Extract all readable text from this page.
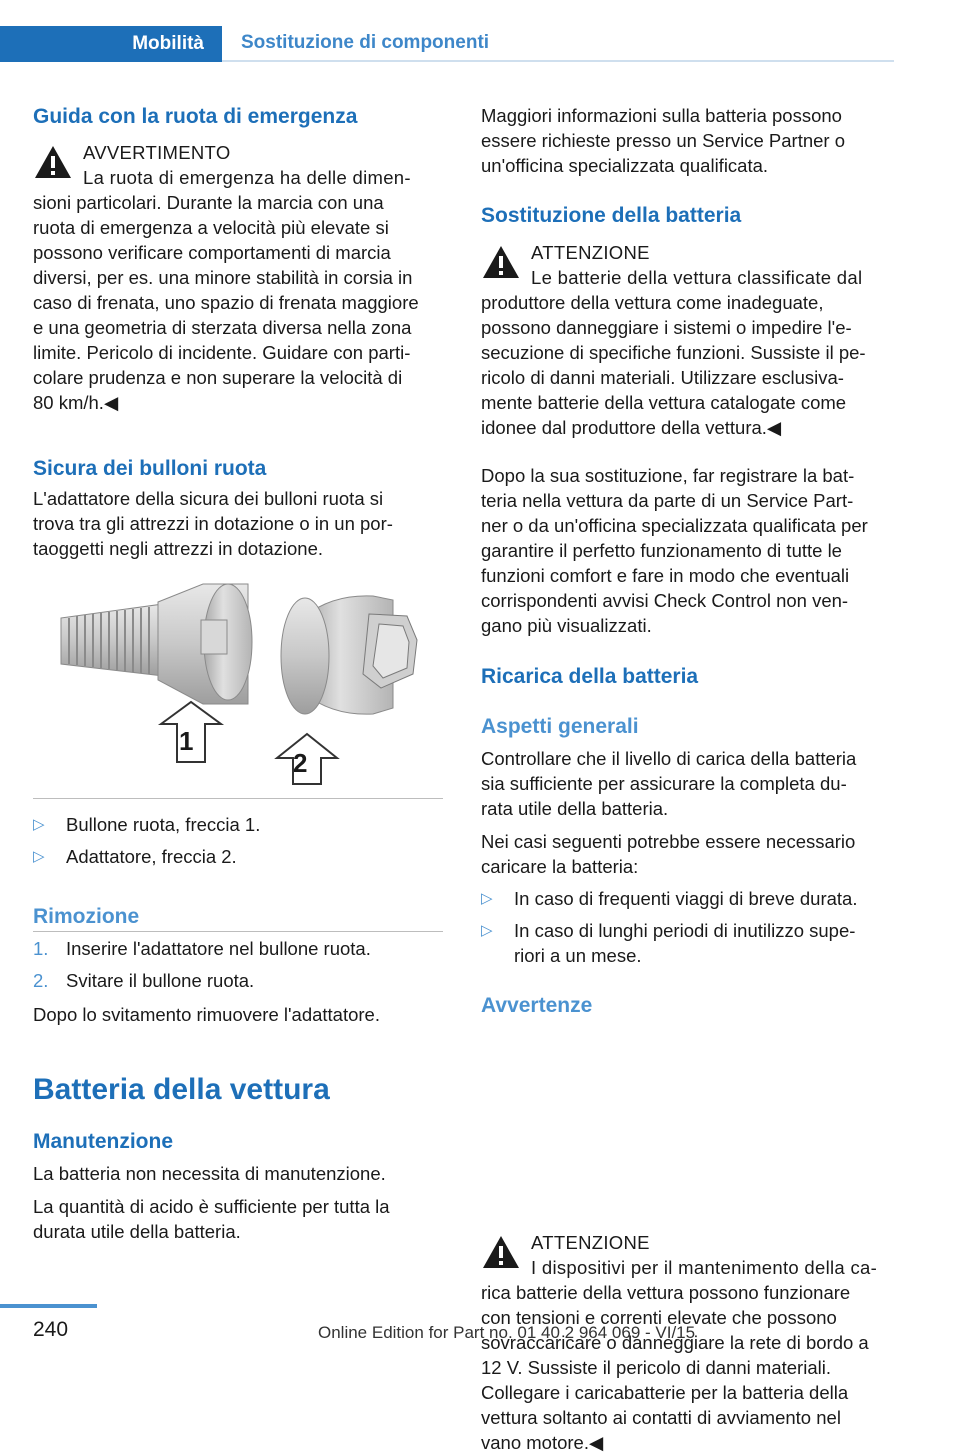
Mobilità Sostituzione di componenti
Guida con la ruota di emergenza
AVVERTIMENTO
La ruota di emergenza ha delle dimen-
sioni particolari. Durante la marcia con una
ruota di emergenza a velocità più elevate si
possono verificare comportamenti di marcia
diversi, per es. una minore stabilità in corsia in
caso di frenata, uno spazio di frenata maggiore
e una geometria di sterzata diversa nella zona
limite. Pericolo di incidente. Guidare con parti-
colare prudenza e non superare la velocità di
80 km/h.◀
Sicura dei bulloni ruota
L'adattatore della sicura dei bulloni ruota si
trova tra gli attrezzi in dotazione o in un por-
taoggetti negli attrezzi in dotazione.
1
2
▷ Bullone ruota, freccia 1.
▷ Adattatore, freccia 2.
Rimozione
1. Inserire l'adattatore nel bullone ruota.
2. Svitare il bullone ruota.
Dopo lo svitamento rimuovere l'adattatore.
Batteria della vettura
Manutenzione
La batteria non necessita di manutenzione.
La quantità di acido è sufficiente per tutta la
durata utile della batteria.
Maggiori informazioni sulla batteria possono
essere richieste presso un Service Partner o
un'officina specializzata qualificata.
Sostituzione della batteria
ATTENZIONE
Le batterie della vettura classificate dal
produttore della vettura come inadeguate,
possono danneggiare i sistemi o impedire l'e-
secuzione di specifiche funzioni. Sussiste il pe-
ricolo di danni materiali. Utilizzare esclusiva-
mente batterie della vettura catalogate come
idonee dal produttore della vettura.◀
Dopo la sua sostituzione, far registrare la bat-
teria nella vettura da parte di un Service Part-
ner o da un'officina specializzata qualificata per
garantire il perfetto funzionamento di tutte le
funzioni comfort e fare in modo che eventuali
corrispondenti avvisi Check Control non ven-
gano più visualizzati.
Ricarica della batteria
Aspetti generali
Controllare che il livello di carica della batteria
sia sufficiente per assicurare la completa du-
rata utile della batteria.
Nei casi seguenti potrebbe essere necessario
caricare la batteria:
▷ In caso di frequenti viaggi di breve durata.
▷ In caso di lunghi periodi di inutilizzo supe-
riori a un mese.
Avvertenze
ATTENZIONE
I dispositivi per il mantenimento della ca-
rica batterie della vettura possono funzionare
con tensioni e correnti elevate che possono
sovraccaricare o danneggiare la rete di bordo a
12 V. Sussiste il pericolo di danni materiali.
Collegare i caricabatterie per la batteria della
vettura soltanto ai contatti di avviamento nel
vano motore.◀
240	Online Edition for Part no. 01 40 2 964 069 - VI/15
